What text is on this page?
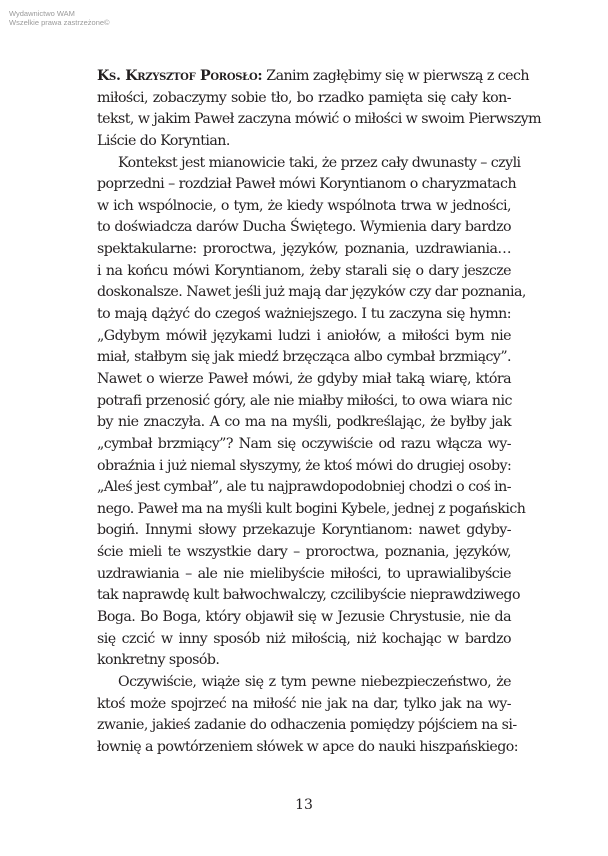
Wydawnictwo WAM
Wszelkie prawa zastrzeżone©
Ks. Krzysztof Porosło: Zanim zagłębimy się w pierwszą z cech
miłości, zobaczymy sobie tło, bo rzadko pamięta się cały kon-
tekst, w jakim Paweł zaczyna mówić o miłości w swoim Pierwszym
Liście do Koryntian.
Kontekst jest mianowicie taki, że przez cały dwunasty – czyli
poprzedni – rozdział Paweł mówi Koryntianom o charyzmatach
w ich wspólnocie, o tym, że kiedy wspólnota trwa w jedności,
to doświadcza darów Ducha Świętego. Wymienia dary bardzo
spektakularne: proroctwa, języków, poznania, uzdrawiania…
i na końcu mówi Koryntianom, żeby starali się o dary jeszcze
doskonalsze. Nawet jeśli już mają dar języków czy dar poznania,
to mają dążyć do czegoś ważniejszego. I tu zaczyna się hymn:
„Gdybym mówił językami ludzi i aniołów, a miłości bym nie
miał, stałbym się jak miedź brzęcząca albo cymbał brzmiący”.
Nawet o wierze Paweł mówi, że gdyby miał taką wiarę, która
potrafi przenosić góry, ale nie miałby miłości, to owa wiara nic
by nie znaczyła. A co ma na myśli, podkreślając, że byłby jak
„cymbał brzmiący”? Nam się oczywiście od razu włącza wy-
obraźnia i już niemal słyszymy, że ktoś mówi do drugiej osoby:
„Aleś jest cymbał”, ale tu najprawdopodobniej chodzi o coś in-
nego. Paweł ma na myśli kult bogini Kybele, jednej z pogańskich
bogiń. Innymi słowy przekazuje Koryntianom: nawet gdyby-
ście mieli te wszystkie dary – proroctwa, poznania, języków,
uzdrawiania – ale nie mielibyście miłości, to uprawialibyście
tak naprawdę kult bałwochwalczy, czcilibyście nieprawdziwego
Boga. Bo Boga, który objawił się w Jezusie Chrystusie, nie da
się czcić w inny sposób niż miłością, niż kochając w bardzo
konkretny sposób.
Oczywiście, wiąże się z tym pewne niebezpieczeństwo, że
ktoś może spojrzeć na miłość nie jak na dar, tylko jak na wy-
zwanie, jakieś zadanie do odhaczenia pomiędzy pójściem na si-
łownię a powtórzeniem słówek w apce do nauki hiszpańskiego:
13
